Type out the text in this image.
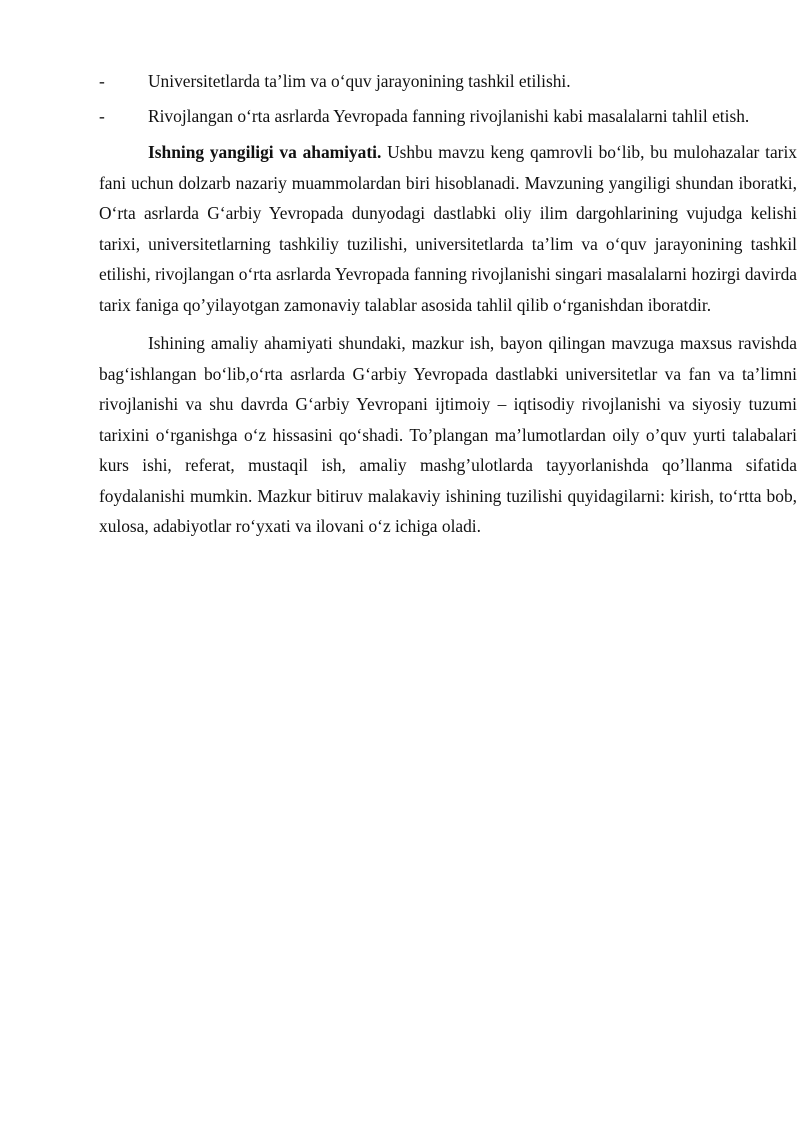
- Universitetlarda ta’lim va o‘quv jarayonining tashkil etilishi.

- Rivojlangan o‘rta asrlarda Yevropada fanning rivojlanishi kabi masalalarni tahlil etish.

Ishning yangiligi va ahamiyati. Ushbu mavzu keng qamrovli bo‘lib, bu mulohazalar tarix fani uchun dolzarb nazariy muammolardan biri hisoblanadi. Mavzuning yangiligi shundan iboratki, O‘rta asrlarda G‘arbiy Yevropada dunyodagi dastlabki oliy ilim dargohlarining vujudga kelishi tarixi, universitetlarning tashkiliy tuzilishi, universitetlarda ta’lim va o‘quv jarayonining tashkil etilishi, rivojlangan o‘rta asrlarda Yevropada fanning rivojlanishi singari masalalarni hozirgi davirda tarix faniga qo’yilayotgan zamonaviy talablar asosida tahlil qilib o‘rganishdan iboratdir.

Ishining amaliy ahamiyati shundaki, mazkur ish, bayon qilingan mavzuga maxsus ravishda bag‘ishlangan bo‘lib,o‘rta asrlarda G‘arbiy Yevropada dastlabki universitetlar va fan va ta’limni rivojlanishi va shu davrda G‘arbiy Yevropani ijtimoiy – iqtisodiy rivojlanishi va siyosiy tuzumi tarixini o‘rganishga o‘z hissasini qo‘shadi. To’plangan ma’lumotlardan oily o’quv yurti talabalari kurs ishi, referat, mustaqil ish, amaliy mashg’ulotlarda tayyorlanishda qo’llanma sifatida foydalanishi mumkin. Mazkur bitiruv malakaviy ishining tuzilishi quyidagilarni: kirish, to‘rtta bob, xulosa, adabiyotlar ro‘yxati va ilovani o‘z ichiga oladi.
